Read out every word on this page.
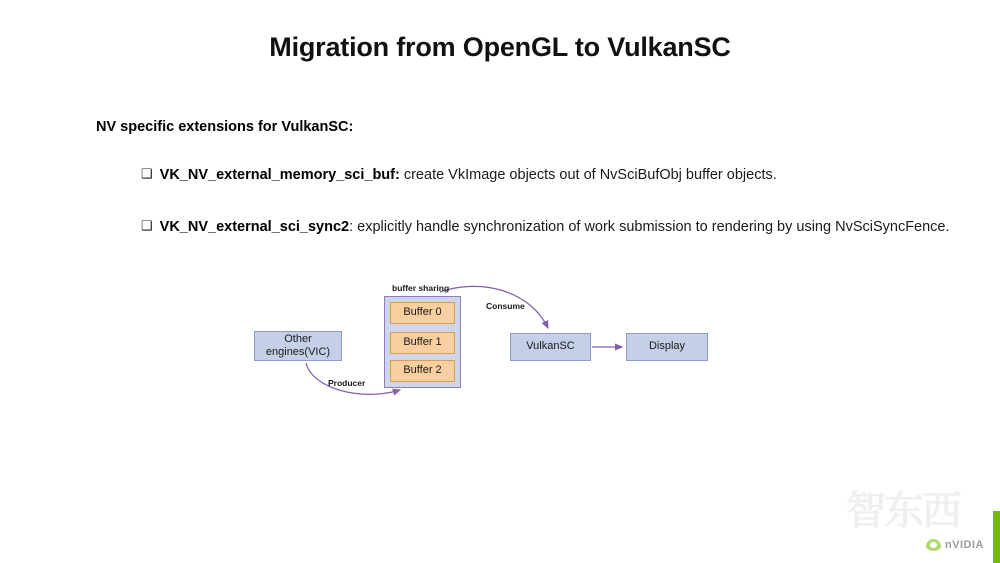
Migration from OpenGL to VulkanSC
NV specific extensions for VulkanSC:
❑ VK_NV_external_memory_sci_buf: create VkImage objects out of NvSciBufObj buffer objects.
❑ VK_NV_external_sci_sync2: explicitly handle synchronization of work submission to rendering by using NvSciSyncFence.
Other
engines(VIC)
Buffer 0
Buffer 1
Buffer 2
VulkanSC	Display
buffer sharing
Consume
Producer
智东西
nVIDIA
